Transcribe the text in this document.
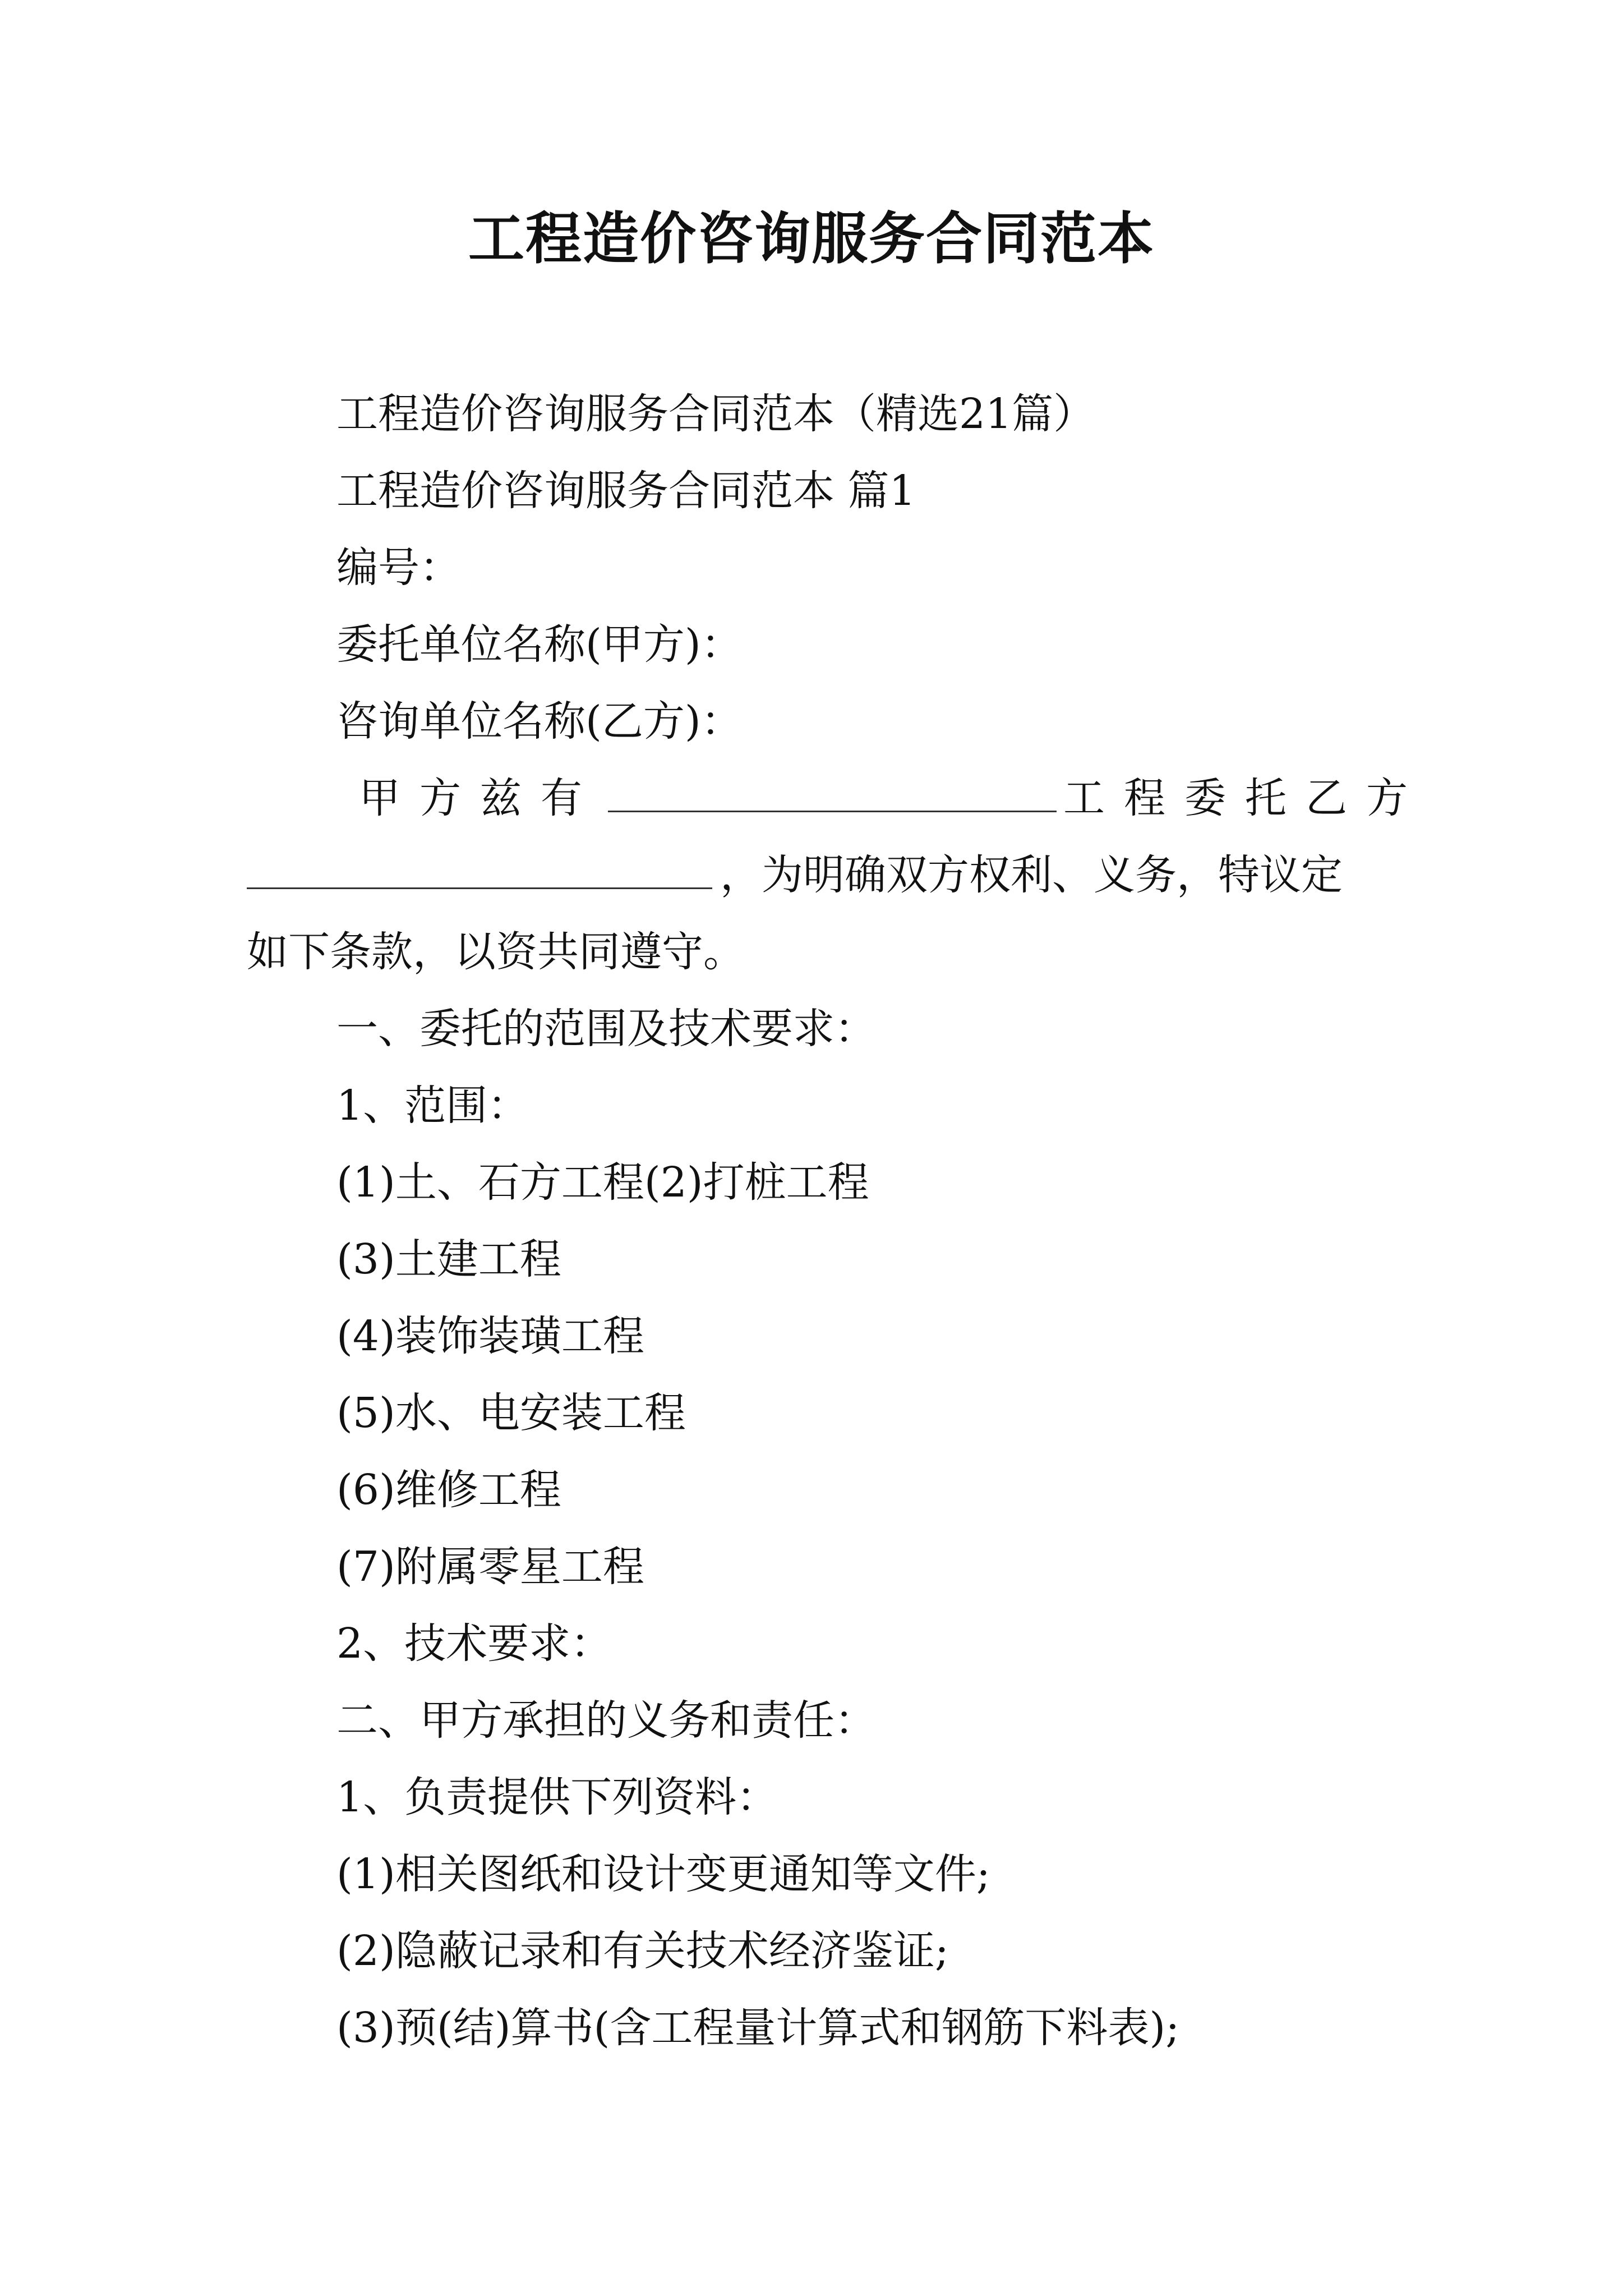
工程造价咨询服务合同范本

工程造价咨询服务合同范本（精选21篇）

工程造价咨询服务合同范本 篇1

编号：

委托单位名称(甲方)：

咨询单位名称(乙方)：

甲方兹有	工程委托乙方
，为明确双方权利、义务，特议定
如下条款，以资共同遵守。

一、委托的范围及技术要求：

1、范围：

(1)土、石方工程(2)打桩工程

(3)土建工程

(4)装饰装璜工程

(5)水、电安装工程

(6)维修工程

(7)附属零星工程

2、技术要求：

二、甲方承担的义务和责任：

1、负责提供下列资料：

(1)相关图纸和设计变更通知等文件;

(2)隐蔽记录和有关技术经济鉴证;

(3)预(结)算书(含工程量计算式和钢筋下料表);
